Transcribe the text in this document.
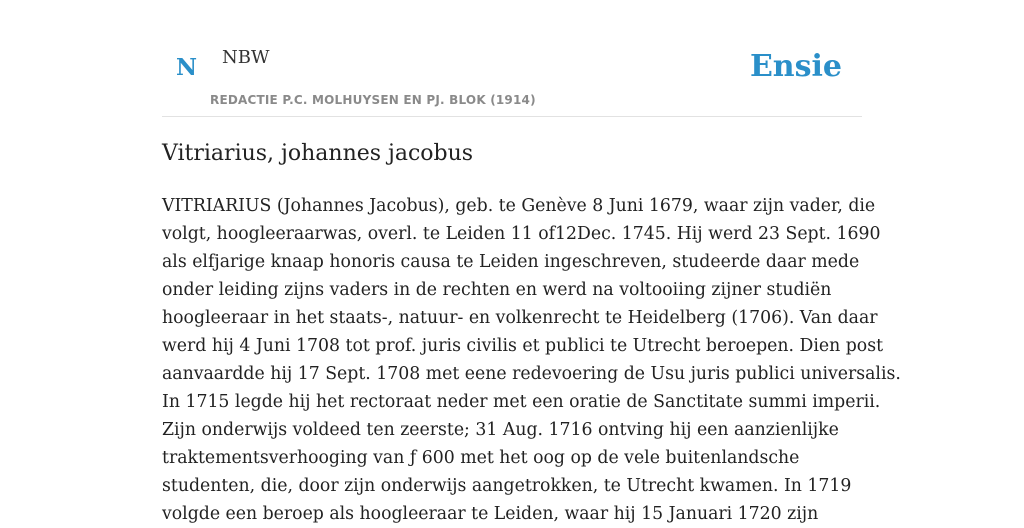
N NBW
REDACTIE P.C. MOLHUYSEN EN PJ. BLOK (1914)
Ensie
Vitriarius, johannes jacobus

VITRIARIUS (Johannes Jacobus), geb. te Genève 8 Juni 1679, waar zijn vader, die
volgt, hoogleeraarwas, overl. te Leiden 11 of12Dec. 1745. Hij werd 23 Sept. 1690
als elfjarige knaap honoris causa te Leiden ingeschreven, studeerde daar mede
onder leiding zijns vaders in de rechten en werd na voltooiing zijner studiën
hoogleeraar in het staats-, natuur- en volkenrecht te Heidelberg (1706). Van daar
werd hij 4 Juni 1708 tot prof. juris civilis et publici te Utrecht beroepen. Dien post
aanvaardde hij 17 Sept. 1708 met eene redevoering de Usu juris publici universalis.
In 1715 legde hij het rectoraat neder met een oratie de Sanctitate summi imperii.
Zijn onderwijs voldeed ten zeerste; 31 Aug. 1716 ontving hij een aanzienlijke
traktementsverhooging van ƒ 600 met het oog op de vele buitenlandsche
studenten, die, door zijn onderwijs aangetrokken, te Utrecht kwamen. In 1719
volgde een beroep als hoogleeraar te Leiden, waar hij 15 Januari 1720 zijn
